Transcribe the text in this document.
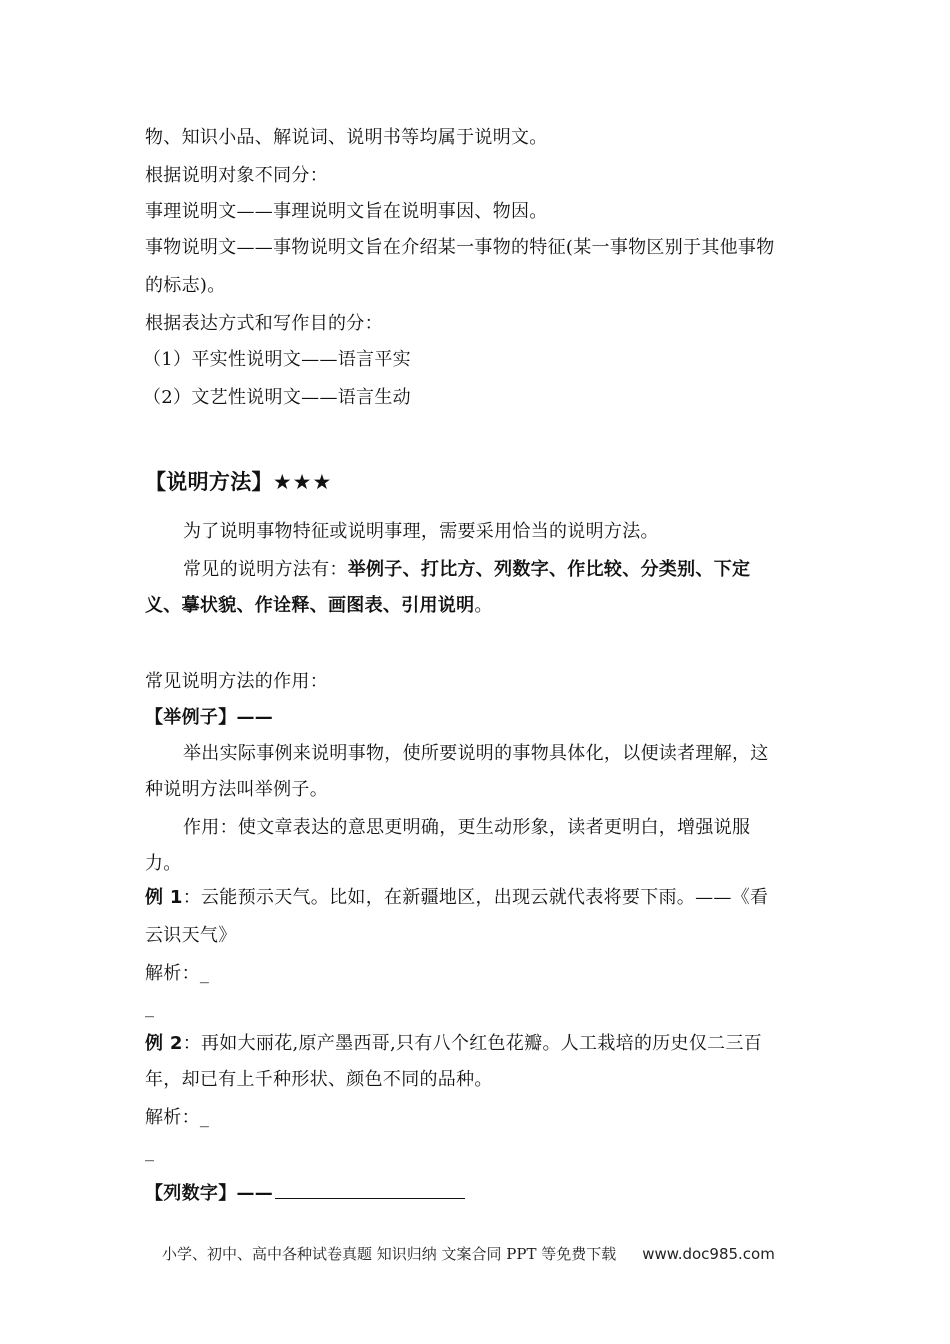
物、知识小品、解说词、说明书等均属于说明文。
根据说明对象不同分：
事理说明文——事理说明文旨在说明事因、物因。
事物说明文——事物说明文旨在介绍某一事物的特征(某一事物区别于其他事物
的标志)。
根据表达方式和写作目的分：
（1）平实性说明文——语言平实
（2）文艺性说明文——语言生动
【说明方法】★★★
为了说明事物特征或说明事理，需要采用恰当的说明方法。
常见的说明方法有：举例子、打比方、列数字、作比较、分类别、下定
义、摹状貌、作诠释、画图表、引用说明。
常见说明方法的作用：
【举例子】——
举出实际事例来说明事物，使所要说明的事物具体化，以便读者理解，这
种说明方法叫举例子。
作用：使文章表达的意思更明确，更生动形象，读者更明白，增强说服
力。
例 1：云能预示天气。比如，在新疆地区，出现云就代表将要下雨。——《看
云识天气》
解析：_
_
例 2：再如大丽花,原产墨西哥,只有八个红色花瓣。人工栽培的历史仅二三百
年，却已有上千种形状、颜色不同的品种。
解析：_
_
【列数字】——
小学、初中、高中各种试卷真题 知识归纳 文案合同 PPT 等免费下载 www.doc985.com
